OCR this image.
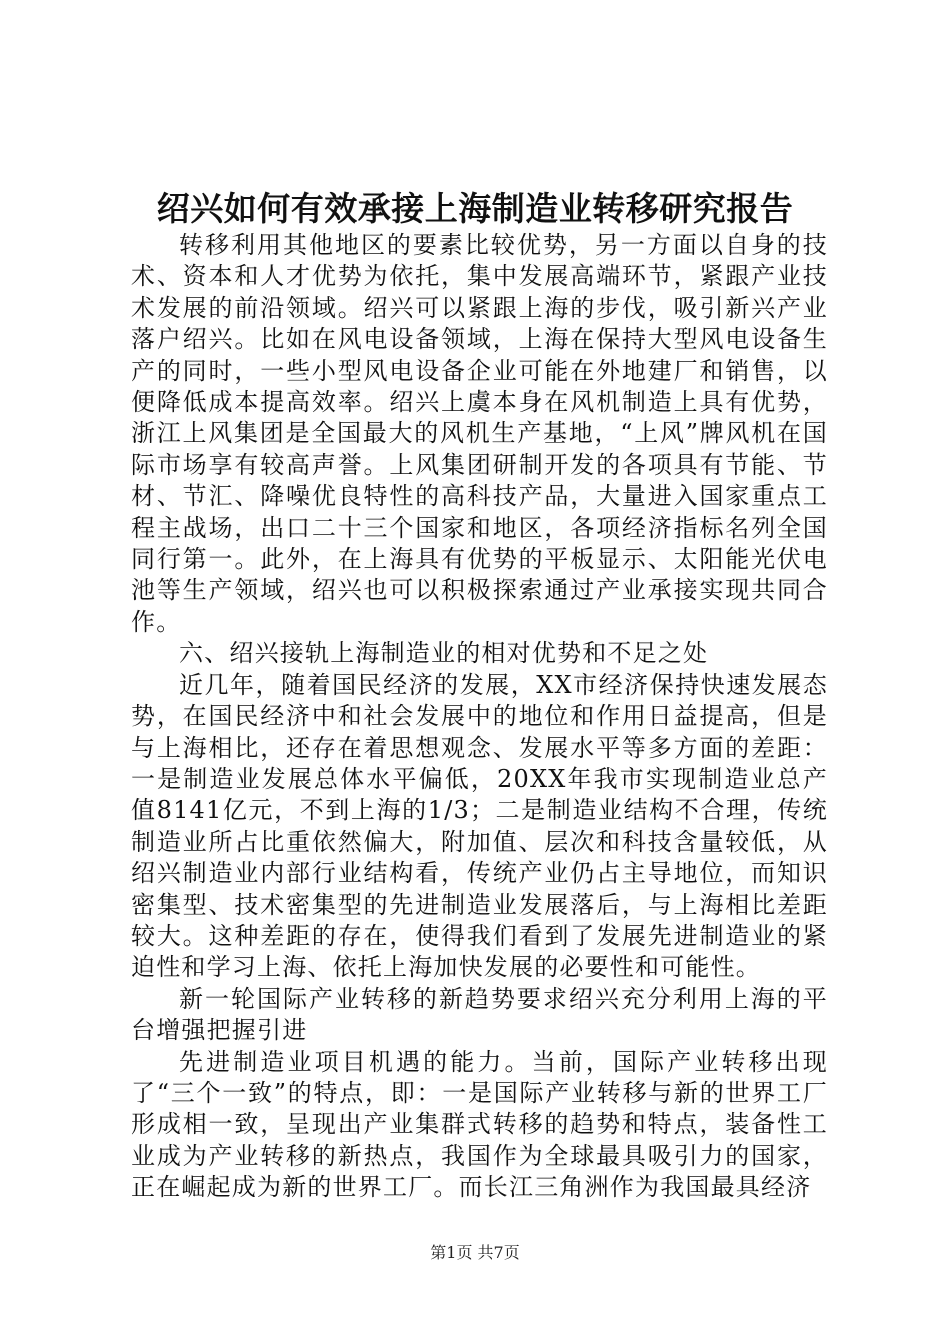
绍兴如何有效承接上海制造业转移研究报告

转移利用其他地区的要素比较优势，另一方面以自身的技术、资本和人才优势为依托，集中发展高端环节，紧跟产业技术发展的前沿领域。绍兴可以紧跟上海的步伐，吸引新兴产业落户绍兴。比如在风电设备领域，上海在保持大型风电设备生产的同时，一些小型风电设备企业可能在外地建厂和销售，以便降低成本提高效率。绍兴上虞本身在风机制造上具有优势，浙江上风集团是全国最大的风机生产基地，“上风”牌风机在国际市场享有较高声誉。上风集团研制开发的各项具有节能、节材、节汇、降噪优良特性的高科技产品，大量进入国家重点工程主战场，出口二十三个国家和地区，各项经济指标名列全国同行第一。此外，在上海具有优势的平板显示、太阳能光伏电池等生产领域，绍兴也可以积极探索通过产业承接实现共同合作。

六、绍兴接轨上海制造业的相对优势和不足之处

近几年，随着国民经济的发展，XX市经济保持快速发展态势，在国民经济中和社会发展中的地位和作用日益提高，但是与上海相比，还存在着思想观念、发展水平等多方面的差距：一是制造业发展总体水平偏低，20XX年我市实现制造业总产值8141亿元，不到上海的1/3；二是制造业结构不合理，传统制造业所占比重依然偏大，附加值、层次和科技含量较低，从绍兴制造业内部行业结构看，传统产业仍占主导地位，而知识密集型、技术密集型的先进制造业发展落后，与上海相比差距较大。这种差距的存在，使得我们看到了发展先进制造业的紧迫性和学习上海、依托上海加快发展的必要性和可能性。

新一轮国际产业转移的新趋势要求绍兴充分利用上海的平台增强把握引进

先进制造业项目机遇的能力。当前，国际产业转移出现了“三个一致”的特点，即：一是国际产业转移与新的世界工厂形成相一致，呈现出产业集群式转移的趋势和特点，装备性工业成为产业转移的新热点，我国作为全球最具吸引力的国家，正在崛起成为新的世界工厂。而长江三角洲作为我国最具经济

第1页 共7页
